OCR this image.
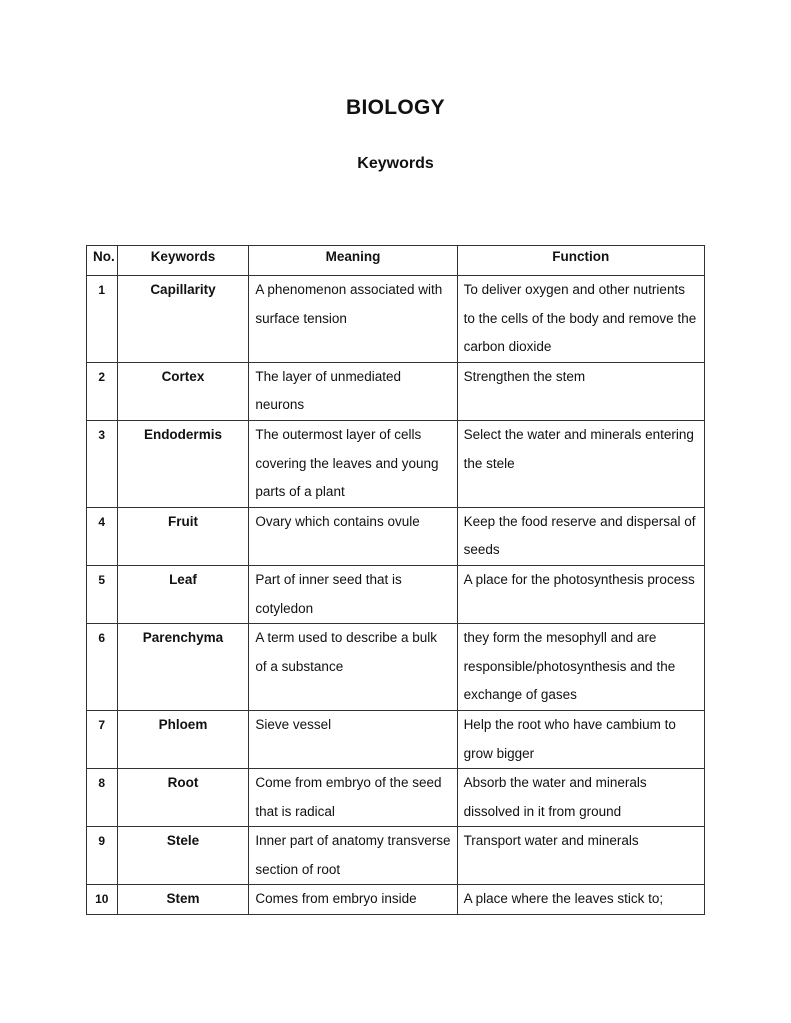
BIOLOGY
Keywords
No.	Keywords	Meaning	Function
1	Capillarity	A phenomenon associated with surface tension	To deliver oxygen and other nutrients to the cells of the body and remove the carbon dioxide
2	Cortex	The layer of unmediated neurons	Strengthen the stem
3	Endodermis	The outermost layer of cells covering the leaves and young parts of a plant	Select the water and minerals entering the stele
4	Fruit	Ovary which contains ovule	Keep the food reserve and dispersal of seeds
5	Leaf	Part of inner seed that is cotyledon	A place for the photosynthesis process
6	Parenchyma	A term used to describe a bulk of a substance	they form the mesophyll and are responsible/photosynthesis and the exchange of gases
7	Phloem	Sieve vessel	Help the root who have cambium to grow bigger
8	Root	Come from embryo of the seed that is radical	Absorb the water and minerals dissolved in it from ground
9	Stele	Inner part of anatomy transverse section of root	Transport water and minerals
10	Stem	Comes from embryo inside	A place where the leaves stick to;
